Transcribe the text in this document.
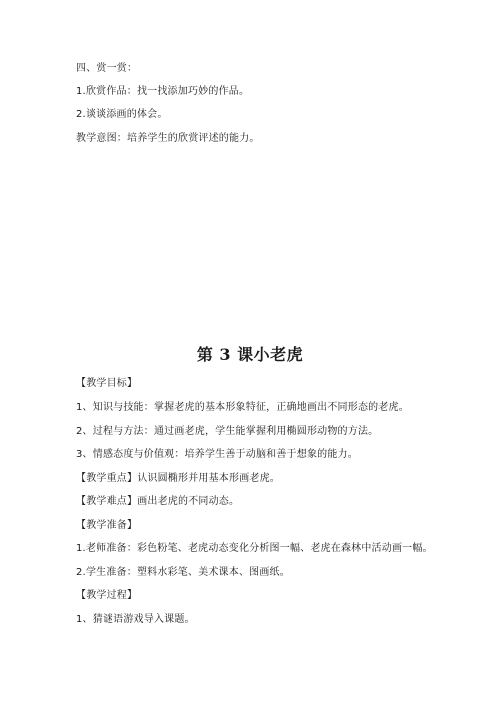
四、赏一赏：
1.欣赏作品：找一找添加巧妙的作品。
2.谈谈添画的体会。
教学意图：培养学生的欣赏评述的能力。
第 3 课小老虎
【教学目标】
1、知识与技能：掌握老虎的基本形象特征，正确地画出不同形态的老虎。
2、过程与方法：通过画老虎，学生能掌握利用椭圆形动物的方法。
3、情感态度与价值观：培养学生善于动脑和善于想象的能力。
【教学重点】认识圆椭形并用基本形画老虎。
【教学难点】画出老虎的不同动态。
【教学准备】
1.老师准备：彩色粉笔、老虎动态变化分析图一幅、老虎在森林中活动画一幅。
2.学生准备：塑料水彩笔、美术课本、图画纸。
【教学过程】
1、猜谜语游戏导入课题。
